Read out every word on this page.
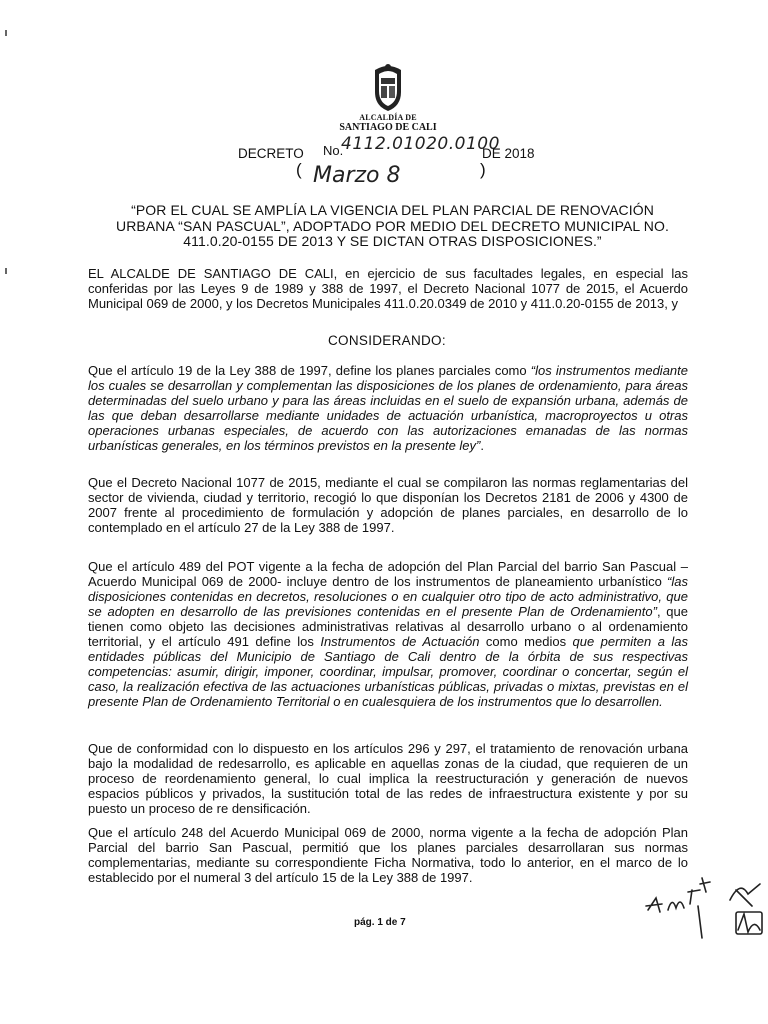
ALCALDÍA DE
SANTIAGO DE CALI
DECRETO No.
4112.01020.0100
DE 2018
( Marzo 8	)
“POR EL CUAL SE AMPLÍA LA VIGENCIA DEL PLAN PARCIAL DE RENOVACIÓN URBANA “SAN PASCUAL”, ADOPTADO POR MEDIO DEL DECRETO MUNICIPAL NO. 411.0.20-0155 DE 2013 Y SE DICTAN OTRAS DISPOSICIONES.”
EL ALCALDE DE SANTIAGO DE CALI, en ejercicio de sus facultades legales, en especial las conferidas por las Leyes 9 de 1989 y 388 de 1997, el Decreto Nacional 1077 de 2015, el Acuerdo Municipal 069 de 2000, y los Decretos Municipales 411.0.20.0349 de 2010 y 411.0.20-0155 de 2013, y
CONSIDERANDO:
Que el artículo 19 de la Ley 388 de 1997, define los planes parciales como “los instrumentos mediante los cuales se desarrollan y complementan las disposiciones de los planes de ordenamiento, para áreas determinadas del suelo urbano y para las áreas incluidas en el suelo de expansión urbana, además de las que deban desarrollarse mediante unidades de actuación urbanística, macroproyectos u otras operaciones urbanas especiales, de acuerdo con las autorizaciones emanadas de las normas urbanísticas generales, en los términos previstos en la presente ley”.
Que el Decreto Nacional 1077 de 2015, mediante el cual se compilaron las normas reglamentarias del sector de vivienda, ciudad y territorio, recogió lo que disponían los Decretos 2181 de 2006 y 4300 de 2007 frente al procedimiento de formulación y adopción de planes parciales, en desarrollo de lo contemplado en el artículo 27 de la Ley 388 de 1997.
Que el artículo 489 del POT vigente a la fecha de adopción del Plan Parcial del barrio San Pascual –Acuerdo Municipal 069 de 2000- incluye dentro de los instrumentos de planeamiento urbanístico “las disposiciones contenidas en decretos, resoluciones o en cualquier otro tipo de acto administrativo, que se adopten en desarrollo de las previsiones contenidas en el presente Plan de Ordenamiento”, que tienen como objeto las decisiones administrativas relativas al desarrollo urbano o al ordenamiento territorial, y el artículo 491 define los Instrumentos de Actuación como medios que permiten a las entidades públicas del Municipio de Santiago de Cali dentro de la órbita de sus respectivas competencias: asumir, dirigir, imponer, coordinar, impulsar, promover, coordinar o concertar, según el caso, la realización efectiva de las actuaciones urbanísticas públicas, privadas o mixtas, previstas en el presente Plan de Ordenamiento Territorial o en cualesquiera de los instrumentos que lo desarrollen.
Que de conformidad con lo dispuesto en los artículos 296 y 297, el tratamiento de renovación urbana bajo la modalidad de redesarrollo, es aplicable en aquellas zonas de la ciudad, que requieren de un proceso de reordenamiento general, lo cual implica la reestructuración y generación de nuevos espacios públicos y privados, la sustitución total de las redes de infraestructura existente y por su puesto un proceso de re densificación.
Que el artículo 248 del Acuerdo Municipal 069 de 2000, norma vigente a la fecha de adopción Plan Parcial del barrio San Pascual, permitió que los planes parciales desarrollaran sus normas complementarias, mediante su correspondiente Ficha Normativa, todo lo anterior, en el marco de lo establecido por el numeral 3 del artículo 15 de la Ley 388 de 1997.
pág. 1 de 7
